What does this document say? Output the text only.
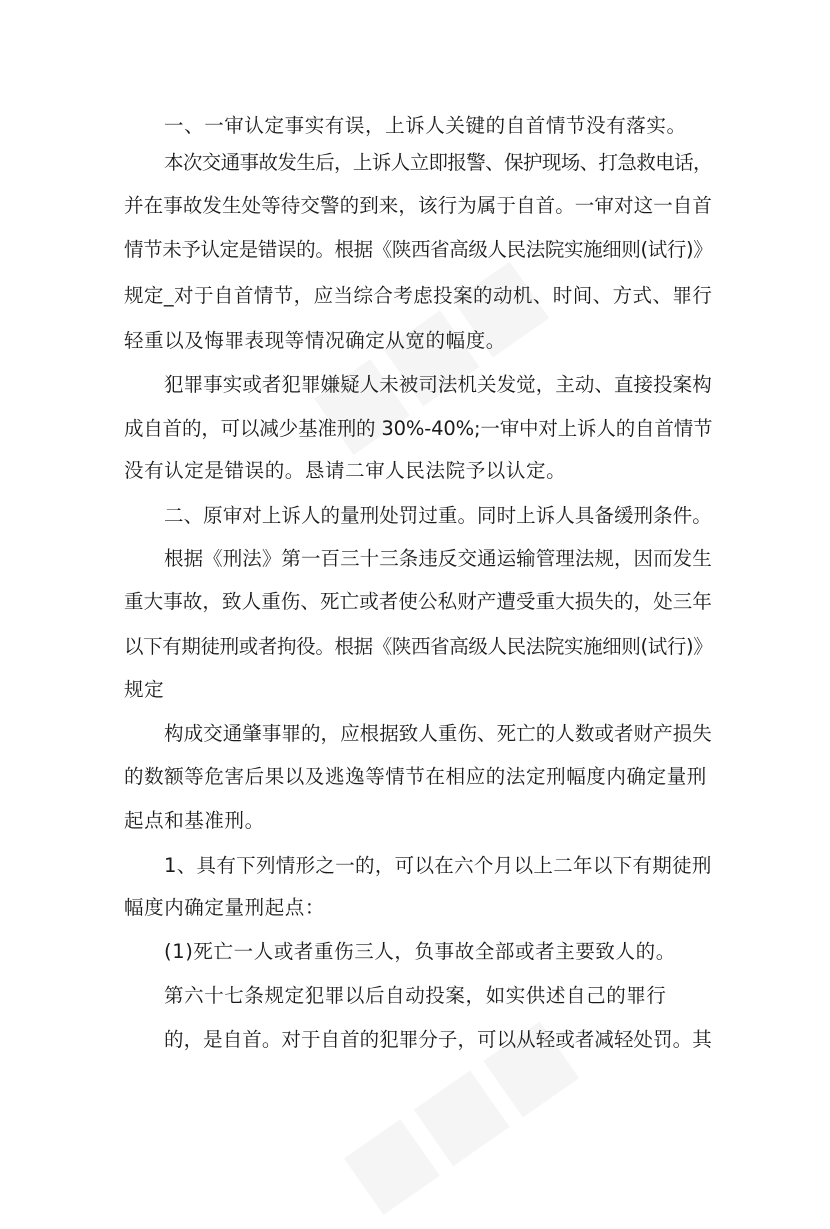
一、一审认定事实有误，上诉人关键的自首情节没有落实。
本次交通事故发生后，上诉人立即报警、保护现场、打急救电话，
并在事故发生处等待交警的到来，该行为属于自首。一审对这一自首
情节未予认定是错误的。根据《陕西省高级人民法院实施细则(试行)》
规定_对于自首情节，应当综合考虑投案的动机、时间、方式、罪行
轻重以及悔罪表现等情况确定从宽的幅度。
犯罪事实或者犯罪嫌疑人未被司法机关发觉，主动、直接投案构
成自首的，可以减少基准刑的 30%-40%;一审中对上诉人的自首情节
没有认定是错误的。恳请二审人民法院予以认定。
二、原审对上诉人的量刑处罚过重。同时上诉人具备缓刑条件。
根据《刑法》第一百三十三条违反交通运输管理法规，因而发生
重大事故，致人重伤、死亡或者使公私财产遭受重大损失的，处三年
以下有期徒刑或者拘役。根据《陕西省高级人民法院实施细则(试行)》
规定
构成交通肇事罪的，应根据致人重伤、死亡的人数或者财产损失
的数额等危害后果以及逃逸等情节在相应的法定刑幅度内确定量刑
起点和基准刑。
1、具有下列情形之一的，可以在六个月以上二年以下有期徒刑
幅度内确定量刑起点：
(1)死亡一人或者重伤三人，负事故全部或者主要致人的。
第六十七条规定犯罪以后自动投案，如实供述自己的罪行
的，是自首。对于自首的犯罪分子，可以从轻或者减轻处罚。其
